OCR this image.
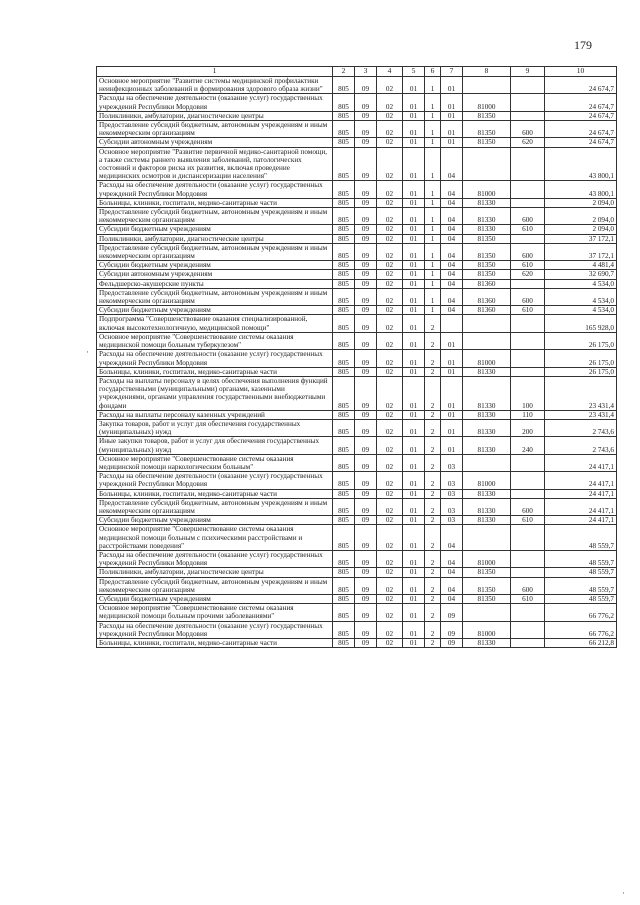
179
·
·
1	2	3	4	5	6	7	8	9	10
Основное мероприятие "Развитие системы медицинской профилактики неинфекционных заболеваний и формирования здорового образа жизни"	805	09	02	01	1	01			24 674,7
Расходы на обеспечение деятельности (оказание услуг) государственных учреждений Республики Мордовия	805	09	02	01	1	01	81000		24 674,7
Поликлиники, амбулатории, диагностические центры	805	09	02	01	1	01	81350		24 674,7
Предоставление субсидий бюджетным, автономным учреждениям и иным некоммерческим организациям	805	09	02	01	1	01	81350	600	24 674,7
Субсидии автономным учреждениям	805	09	02	01	1	01	81350	620	24 674,7
Основное мероприятие "Развитие первичной медико-санитарной помощи, а также системы раннего выявления заболеваний, патологических состояний и факторов риска их развития, включая проведение медицинских осмотров и диспансеризации населения"	805	09	02	01	1	04			43 800,1
Расходы на обеспечение деятельности (оказание услуг) государственных учреждений Республики Мордовия	805	09	02	01	1	04	81000		43 800,1
Больницы, клиники, госпитали, медико-санитарные части	805	09	02	01	1	04	81330		2 094,0
Предоставление субсидий бюджетным, автономным учреждениям и иным некоммерческим организациям	805	09	02	01	1	04	81330	600	2 094,0
Субсидии бюджетным учреждениям	805	09	02	01	1	04	81330	610	2 094,0
Поликлиники, амбулатории, диагностические центры	805	09	02	01	1	04	81350		37 172,1
Предоставление субсидий бюджетным, автономным учреждениям и иным некоммерческим организациям	805	09	02	01	1	04	81350	600	37 172,1
Субсидии бюджетным учреждениям	805	09	02	01	1	04	81350	610	4 481,4
Субсидии автономным учреждениям	805	09	02	01	1	04	81350	620	32 690,7
Фельдшерско-акушерские пункты	805	09	02	01	1	04	81360		4 534,0
Предоставление субсидий бюджетным, автономным учреждениям и иным некоммерческим организациям	805	09	02	01	1	04	81360	600	4 534,0
Субсидии бюджетным учреждениям	805	09	02	01	1	04	81360	610	4 534,0
Подпрограмма "Совершенствование оказания специализированной, включая высокотехнологичную, медицинской помощи"	805	09	02	01	2				165 928,0
Основное мероприятие "Совершенствование системы оказания медицинской помощи больным туберкулезом"	805	09	02	01	2	01			26 175,0
Расходы на обеспечение деятельности (оказание услуг) государственных учреждений Республики Мордовия	805	09	02	01	2	01	81000		26 175,0
Больницы, клиники, госпитали, медико-санитарные части	805	09	02	01	2	01	81330		26 175,0
Расходы на выплаты персоналу в целях обеспечения выполнения функций государственными (муниципальными) органами, казенными учреждениями, органами управления государственными внебюджетными фондами	805	09	02	01	2	01	81330	100	23 431,4
Расходы на выплаты персоналу казенных учреждений	805	09	02	01	2	01	81330	110	23 431,4
Закупка товаров, работ и услуг для обеспечения государственных (муниципальных) нужд	805	09	02	01	2	01	81330	200	2 743,6
Иные закупки товаров, работ и услуг для обеспечения государственных (муниципальных) нужд	805	09	02	01	2	01	81330	240	2 743,6
Основное мероприятие "Совершенствование системы оказания медицинской помощи наркологическим больным"	805	09	02	01	2	03			24 417,1
Расходы на обеспечение деятельности (оказание услуг) государственных учреждений Республики Мордовия	805	09	02	01	2	03	81000		24 417,1
Больницы, клиники, госпитали, медико-санитарные части	805	09	02	01	2	03	81330		24 417,1
Предоставление субсидий бюджетным, автономным учреждениям и иным некоммерческим организациям	805	09	02	01	2	03	81330	600	24 417,1
Субсидии бюджетным учреждениям	805	09	02	01	2	03	81330	610	24 417,1
Основное мероприятие "Совершенствование системы оказания медицинской помощи больным с психическими расстройствами и расстройствами поведения"	805	09	02	01	2	04			48 559,7
Расходы на обеспечение деятельности (оказание услуг) государственных учреждений Республики Мордовия	805	09	02	01	2	04	81000		48 559,7
Поликлиники, амбулатории, диагностические центры	805	09	02	01	2	04	81350		48 559,7
Предоставление субсидий бюджетным, автономным учреждениям и иным некоммерческим организациям	805	09	02	01	2	04	81350	600	48 559,7
Субсидии бюджетным учреждениям	805	09	02	01	2	04	81350	610	48 559,7
Основное мероприятие "Совершенствование системы оказания медицинской помощи больным прочими заболеваниями"	805	09	02	01	2	09			66 776,2
Расходы на обеспечение деятельности (оказание услуг) государственных учреждений Республики Мордовия	805	09	02	01	2	09	81000		66 776,2
Больницы, клиники, госпитали, медико-санитарные части	805	09	02	01	2	09	81330		66 212,8
